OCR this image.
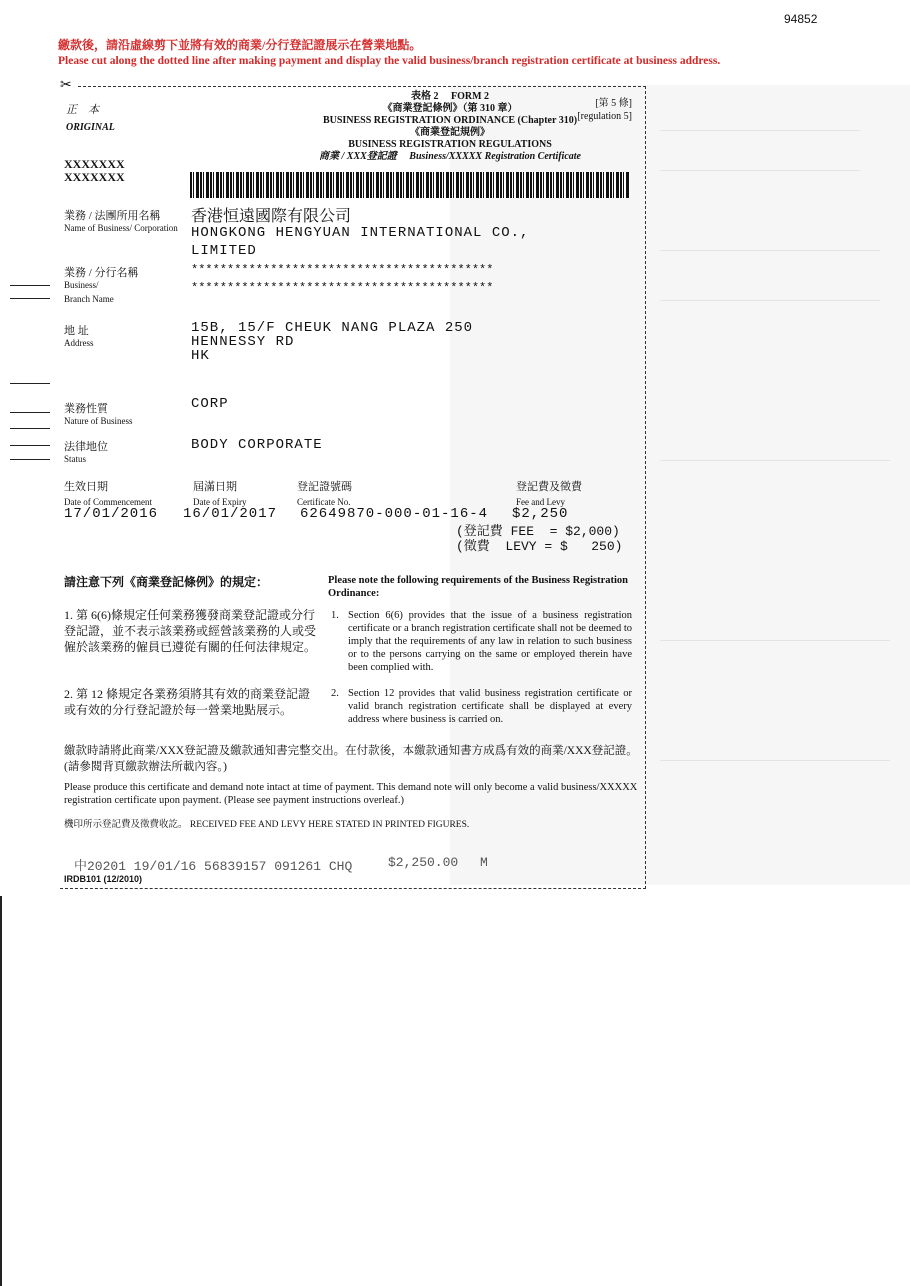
94852
繳款後，請沿虛線剪下並將有效的商業/分行登記證展示在營業地點。
Please cut along the dotted line after making payment and display the valid business/branch registration certificate at business address.
✂
正　本
ORIGINAL
表格 2　 FORM 2
《商業登記條例》（第 310 章）
BUSINESS REGISTRATION ORDINANCE (Chapter 310)
《商業登記規例》
BUSINESS REGISTRATION REGULATIONS
商業 / XXX登記證　 Business/XXXXX Registration Certificate
[第 5 條]
[regulation 5]
XXXXXXX
XXXXXXX
業務 / 法團所用名稱
Name of Business/ Corporation
香港恒遠國際有限公司
HONGKONG HENGYUAN INTERNATIONAL CO.,
LIMITED
業務 / 分行名稱
Business/
Branch Name
******************************************
******************************************
地 址
Address
15B, 15/F CHEUK NANG PLAZA 250
HENNESSY RD
HK
業務性質
Nature of Business
CORP
法律地位
Status
BODY CORPORATE
生效日期
Date of Commencement
17/01/2016
屆滿日期
Date of Expiry
16/01/2017
登記證號碼
Certificate No.
62649870-000-01-16-4
登記費及徵費
Fee and Levy
$2,250
(登記費 FEE  = $2,000)
(徵費  LEVY = $   250)
請注意下列《商業登記條例》的規定：	Please note the following requirements of the Business Registration Ordinance:
1. 第 6(6)條規定任何業務獲發商業登記證或分行登記證，並不表示該業務或經營該業務的人或受僱於該業務的僱員已遵從有關的任何法律規定。
1. Section 6(6) provides that the issue of a business registration certificate or a branch registration certificate shall not be deemed to imply that the requirements of any law in relation to such business or to the persons carrying on the same or employed therein have been complied with.
2. 第 12 條規定各業務須將其有效的商業登記證或有效的分行登記證於每一營業地點展示。
2. Section 12 provides that valid business registration certificate or valid branch registration certificate shall be displayed at every address where business is carried on.
繳款時請將此商業/XXX登記證及繳款通知書完整交出。在付款後，本繳款通知書方成爲有效的商業/XXX登記證。(請參閱背頁繳款辦法所載內容。)
Please produce this certificate and demand note intact at time of payment. This demand note will only become a valid business/XXXXX registration certificate upon payment. (Please see payment instructions overleaf.)
機印所示登記費及徵費收訖。 RECEIVED FEE AND LEVY HERE STATED IN PRINTED FIGURES.
中20201 19/01/16 56839157 091261 CHQ	$2,250.00 M
IRDB101 (12/2010)
